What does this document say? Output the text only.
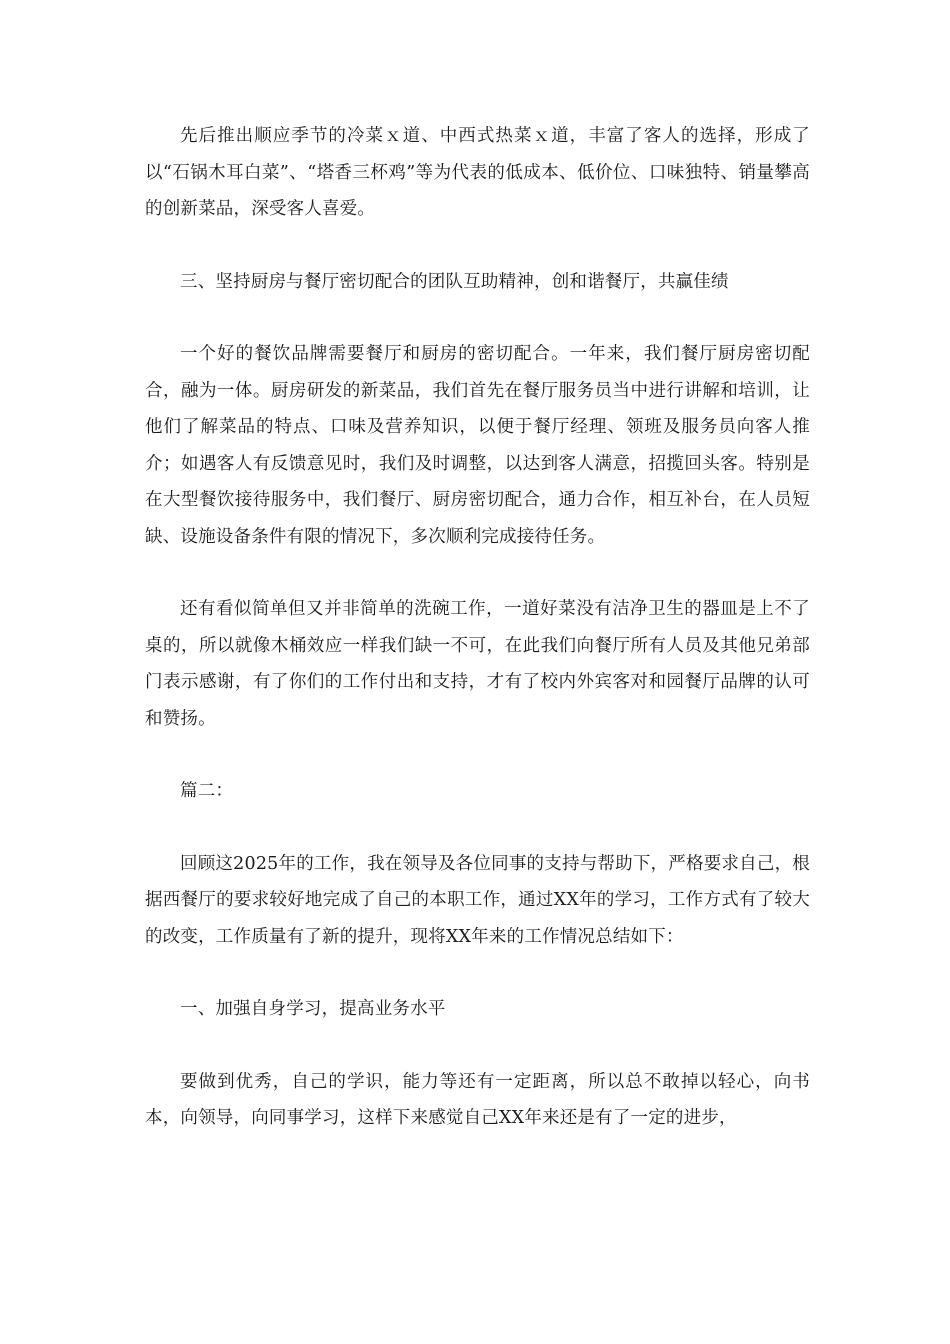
先后推出顺应季节的冷菜ｘ道、中西式热菜ｘ道，丰富了客人的选择，形成了以“石锅木耳白菜”、“塔香三杯鸡”等为代表的低成本、低价位、口味独特、销量攀高的创新菜品，深受客人喜爱。

三、坚持厨房与餐厅密切配合的团队互助精神，创和谐餐厅，共赢佳绩

一个好的餐饮品牌需要餐厅和厨房的密切配合。一年来，我们餐厅厨房密切配合，融为一体。厨房研发的新菜品，我们首先在餐厅服务员当中进行讲解和培训，让他们了解菜品的特点、口味及营养知识，以便于餐厅经理、领班及服务员向客人推介；如遇客人有反馈意见时，我们及时调整，以达到客人满意，招揽回头客。特别是在大型餐饮接待服务中，我们餐厅、厨房密切配合，通力合作，相互补台，在人员短缺、设施设备条件有限的情况下，多次顺利完成接待任务。

还有看似简单但又并非简单的洗碗工作，一道好菜没有洁净卫生的器皿是上不了桌的，所以就像木桶效应一样我们缺一不可，在此我们向餐厅所有人员及其他兄弟部门表示感谢，有了你们的工作付出和支持，才有了校内外宾客对和园餐厅品牌的认可和赞扬。

篇二：

回顾这2025年的工作，我在领导及各位同事的支持与帮助下，严格要求自己，根据西餐厅的要求较好地完成了自己的本职工作，通过XX年的学习，工作方式有了较大的改变，工作质量有了新的提升，现将XX年来的工作情况总结如下：

一、加强自身学习，提高业务水平

要做到优秀，自己的学识，能力等还有一定距离，所以总不敢掉以轻心，向书本，向领导，向同事学习，这样下来感觉自己XX年来还是有了一定的进步，
